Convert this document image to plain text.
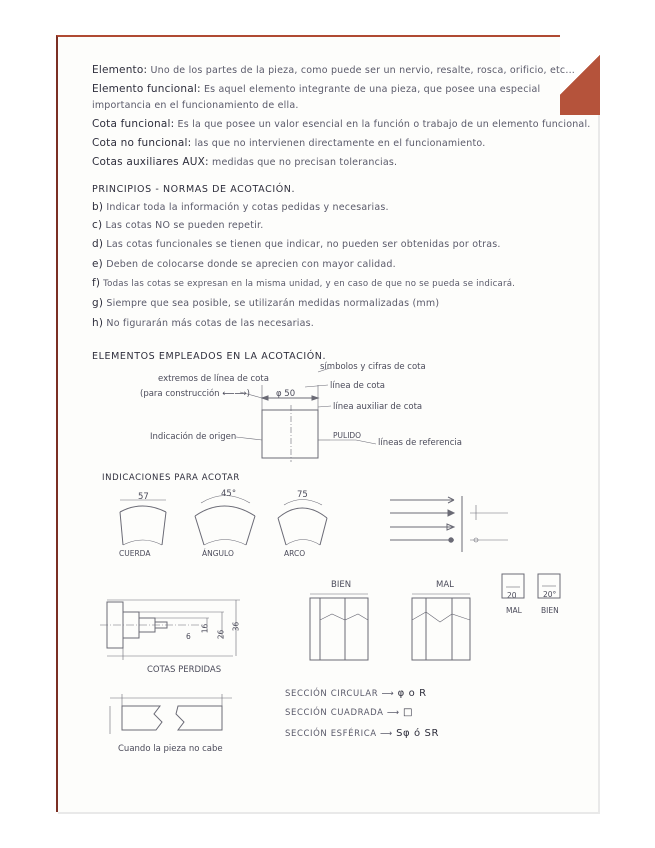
Elemento: Uno de los partes de la pieza, como puede ser un nervio, resalte, rosca, orificio, etc...
Elemento funcional: Es aquel elemento integrante de una pieza, que posee una especial
importancia en el funcionamiento de ella.
Cota funcional: Es la que posee un valor esencial en la función o trabajo de un elemento funcional.
Cota no funcional: las que no intervienen directamente en el funcionamiento.
Cotas auxiliares AUX: medidas que no precisan tolerancias.
PRINCIPIOS - NORMAS DE ACOTACIÓN.
b) Indicar toda la información y cotas pedidas y necesarias.
c) Las cotas NO se pueden repetir.
d) Las cotas funcionales se tienen que indicar, no pueden ser obtenidas por otras.
e) Deben de colocarse donde se aprecien con mayor calidad.
f) Todas las cotas se expresan en la misma unidad, y en caso de que no se pueda se indicará.
g) Siempre que sea posible, se utilizarán medidas normalizadas (mm)
h) No figurarán más cotas de las necesarias.
ELEMENTOS EMPLEADOS EN LA ACOTACIÓN.
símbolos y cifras de cota
extremos de línea de cota
(para construcción ⟵⟶)	φ 50
línea de cota
línea auxiliar de cota
Indicación de origen	PULIDO
líneas de referencia
INDICACIONES PARA ACOTAR
57	45°	75
CUERDA	ÁNGULO	ARCO
BIEN	MAL
20	20°
MAL	BIEN
6
16
26
36
COTAS PERDIDAS
SECCIÓN CIRCULAR ⟶ φ o R
SECCIÓN CUADRADA ⟶ □
SECCIÓN ESFÉRICA ⟶ Sφ ó SR
Cuando la pieza no cabe
